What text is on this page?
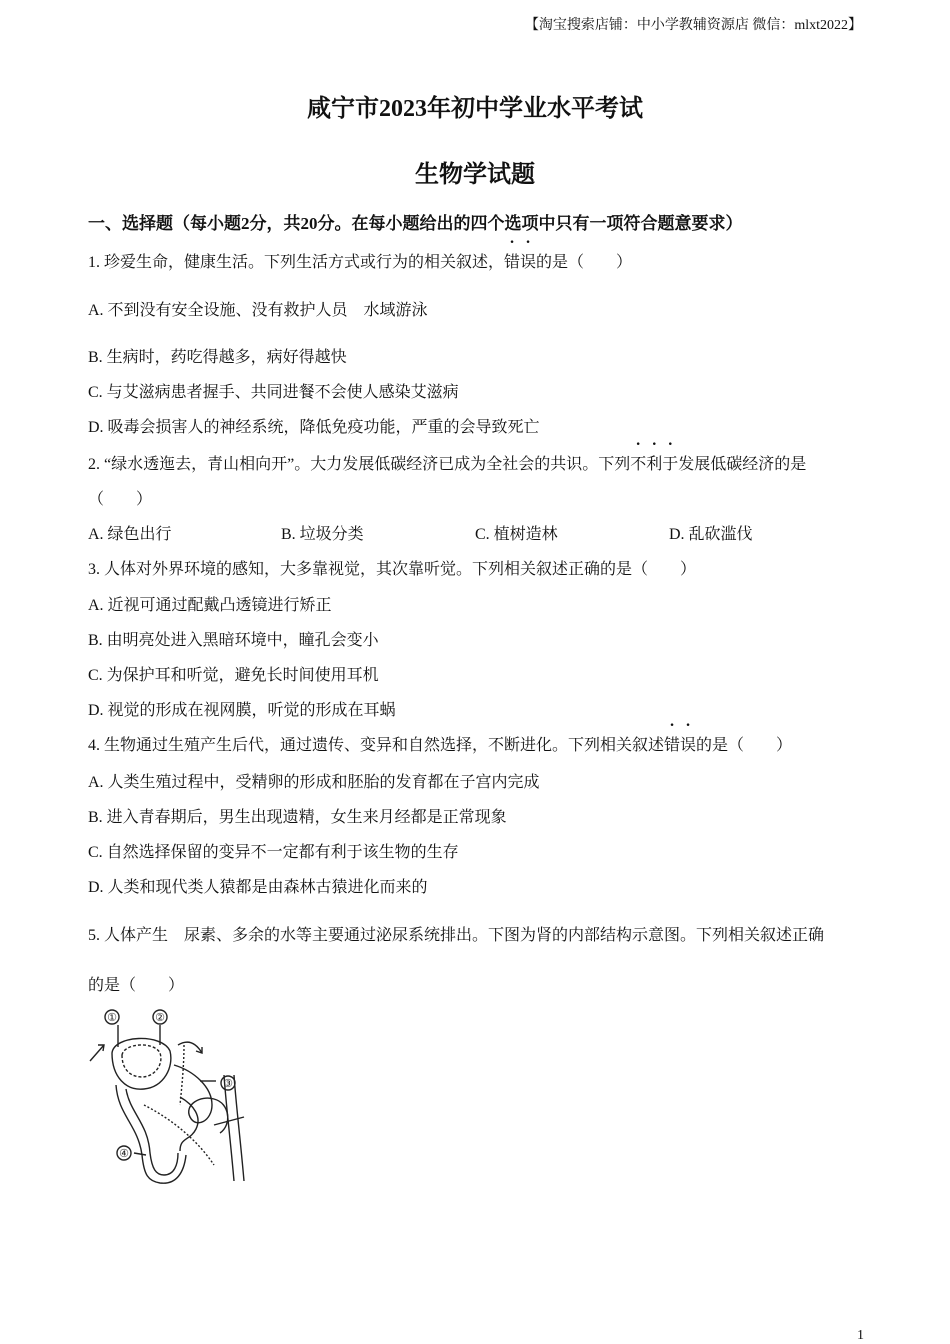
【淘宝搜索店铺：中小学教辅资源店 微信：mlxt2022】
咸宁市2023年初中学业水平考试
生物学试题
一、选择题（每小题2分，共20分。在每小题给出的四个选项中只有一项符合题意要求）
1. 珍爱生命，健康生活。下列生活方式或行为的相关叙述，错误的是（　　）
A. 不到没有安全设施、没有救护人员　水域游泳
B. 生病时，药吃得越多，病好得越快
C. 与艾滋病患者握手、共同进餐不会使人感染艾滋病
D. 吸毒会损害人的神经系统，降低免疫功能，严重的会导致死亡
2. “绿水透迤去，青山相向开”。大力发展低碳经济已成为全社会的共识。下列不利于发展低碳经济的是
（　　）
A. 绿色出行	B. 垃圾分类	C. 植树造林	D. 乱砍滥伐
3. 人体对外界环境的感知，大多靠视觉，其次靠听觉。下列相关叙述正确的是（　　）
A. 近视可通过配戴凸透镜进行矫正
B. 由明亮处进入黑暗环境中，瞳孔会变小
C. 为保护耳和听觉，避免长时间使用耳机
D. 视觉的形成在视网膜，听觉的形成在耳蜗
4. 生物通过生殖产生后代，通过遗传、变异和自然选择，不断进化。下列相关叙述错误的是（　　）
A. 人类生殖过程中，受精卵的形成和胚胎的发育都在子宫内完成
B. 进入青春期后，男生出现遗精，女生来月经都是正常现象
C. 自然选择保留的变异不一定都有利于该生物的生存
D. 人类和现代类人猿都是由森林古猿进化而来的
5. 人体产生　尿素、多余的水等主要通过泌尿系统排出。下图为肾的内部结构示意图。下列相关叙述正确
的是（　　）
①	②
③
④
1
